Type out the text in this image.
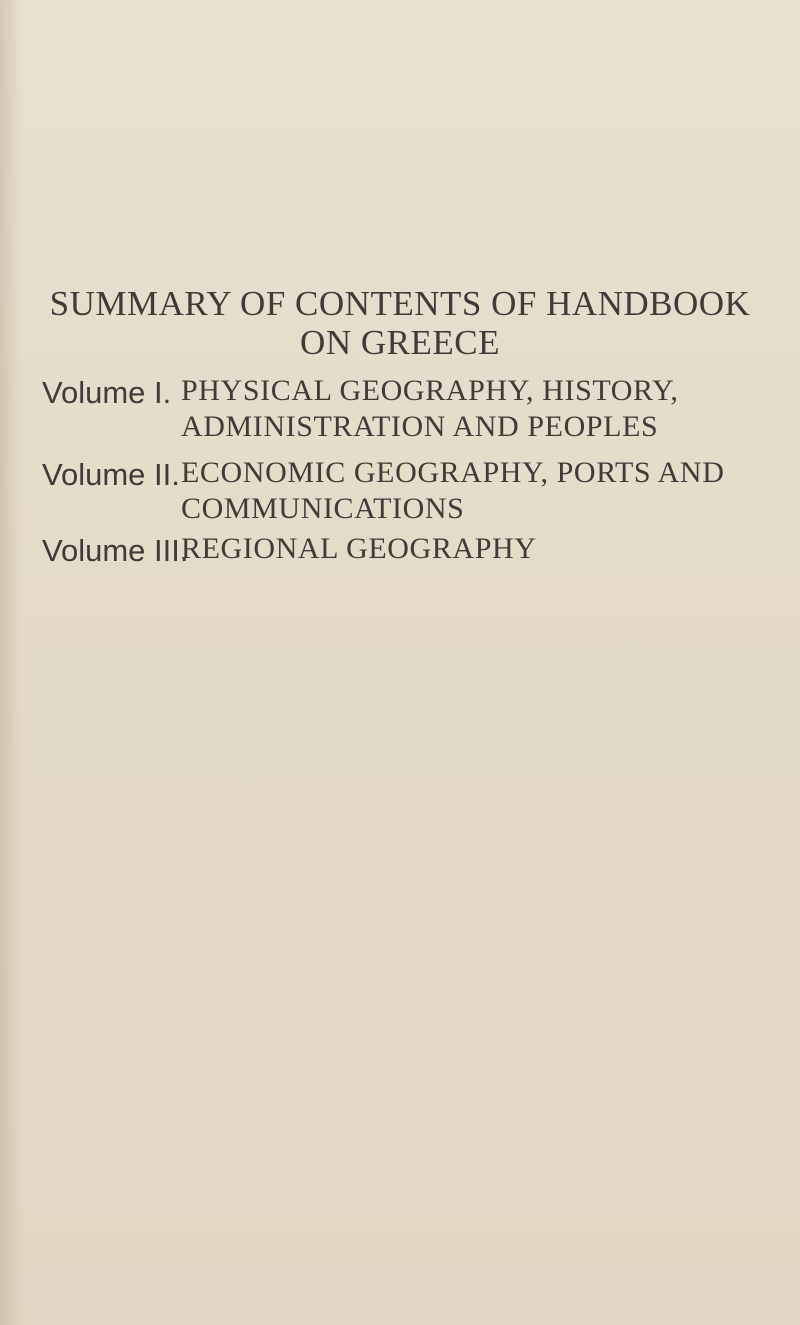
SUMMARY OF CONTENTS OF HANDBOOK
ON GREECE
Volume I. PHYSICAL GEOGRAPHY, HISTORY,
ADMINISTRATION AND PEOPLES
Volume II. ECONOMIC GEOGRAPHY, PORTS AND
COMMUNICATIONS
Volume III.
REGIONAL GEOGRAPHY
